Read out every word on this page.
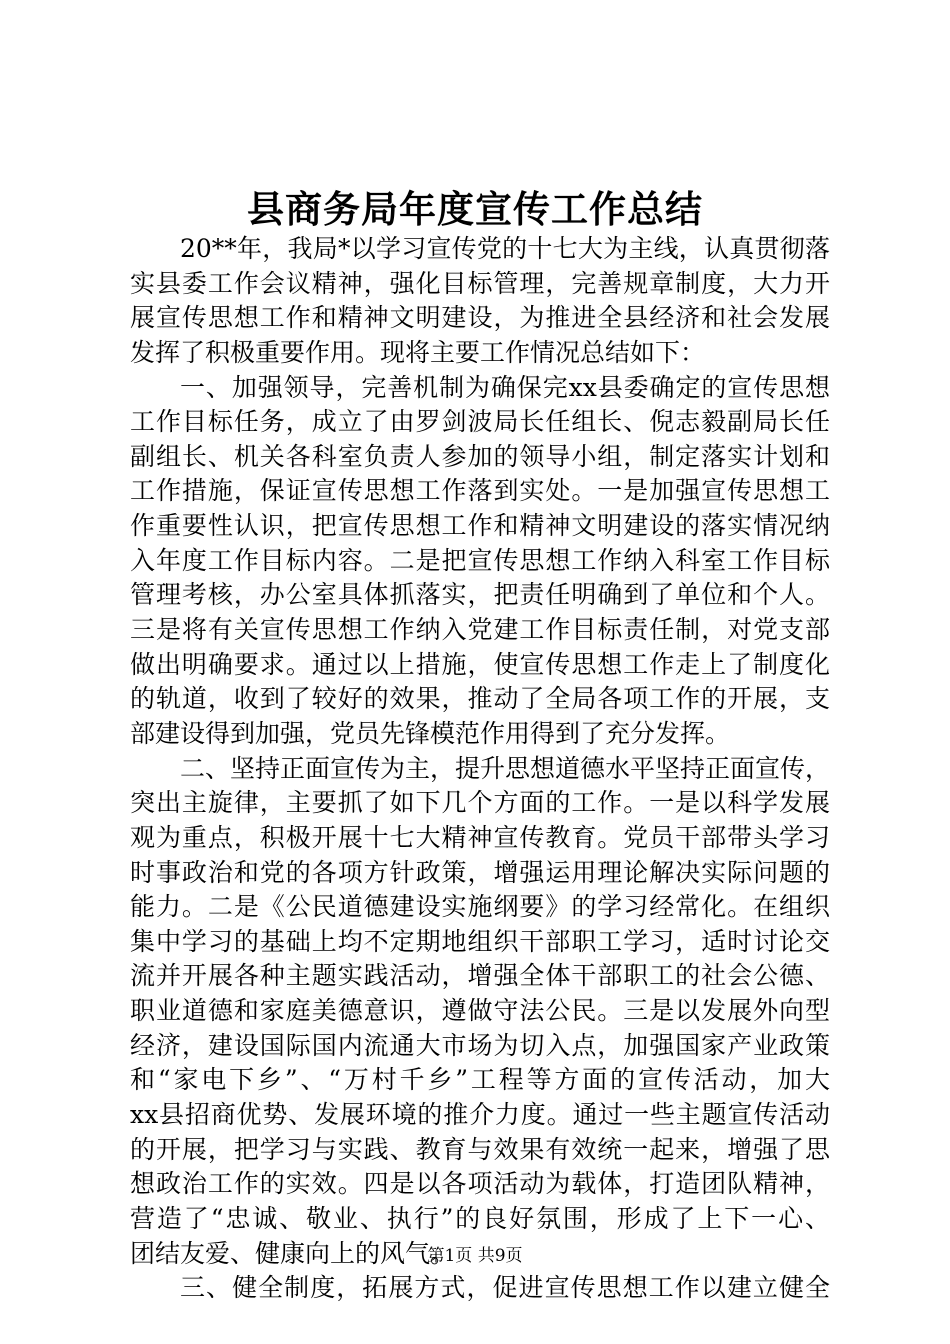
县商务局年度宣传工作总结
20**年，我局*以学习宣传党的十七大为主线，认真贯彻落
实县委工作会议精神，强化目标管理，完善规章制度，大力开
展宣传思想工作和精神文明建设，为推进全县经济和社会发展
发挥了积极重要作用。现将主要工作情况总结如下：
一、加强领导，完善机制为确保完xx县委确定的宣传思想
工作目标任务，成立了由罗剑波局长任组长、倪志毅副局长任
副组长、机关各科室负责人参加的领导小组，制定落实计划和
工作措施，保证宣传思想工作落到实处。一是加强宣传思想工
作重要性认识，把宣传思想工作和精神文明建设的落实情况纳
入年度工作目标内容。二是把宣传思想工作纳入科室工作目标
管理考核，办公室具体抓落实，把责任明确到了单位和个人。
三是将有关宣传思想工作纳入党建工作目标责任制，对党支部
做出明确要求。通过以上措施，使宣传思想工作走上了制度化
的轨道，收到了较好的效果，推动了全局各项工作的开展，支
部建设得到加强，党员先锋模范作用得到了充分发挥。
二、坚持正面宣传为主，提升思想道德水平坚持正面宣传，
突出主旋律，主要抓了如下几个方面的工作。一是以科学发展
观为重点，积极开展十七大精神宣传教育。党员干部带头学习
时事政治和党的各项方针政策，增强运用理论解决实际问题的
能力。二是《公民道德建设实施纲要》的学习经常化。在组织
集中学习的基础上均不定期地组织干部职工学习，适时讨论交
流并开展各种主题实践活动，增强全体干部职工的社会公德、
职业道德和家庭美德意识，遵做守法公民。三是以发展外向型
经济，建设国际国内流通大市场为切入点，加强国家产业政策
和“家电下乡”、“万村千乡”工程等方面的宣传活动，加大
xx县招商优势、发展环境的推介力度。通过一些主题宣传活动
的开展，把学习与实践、教育与效果有效统一起来，增强了思
想政治工作的实效。四是以各项活动为载体，打造团队精神，
营造了“忠诚、敬业、执行”的良好氛围，形成了上下一心、
团结友爱、健康向上的风气。
三、健全制度，拓展方式，促进宣传思想工作以建立健全
第1页 共9页
